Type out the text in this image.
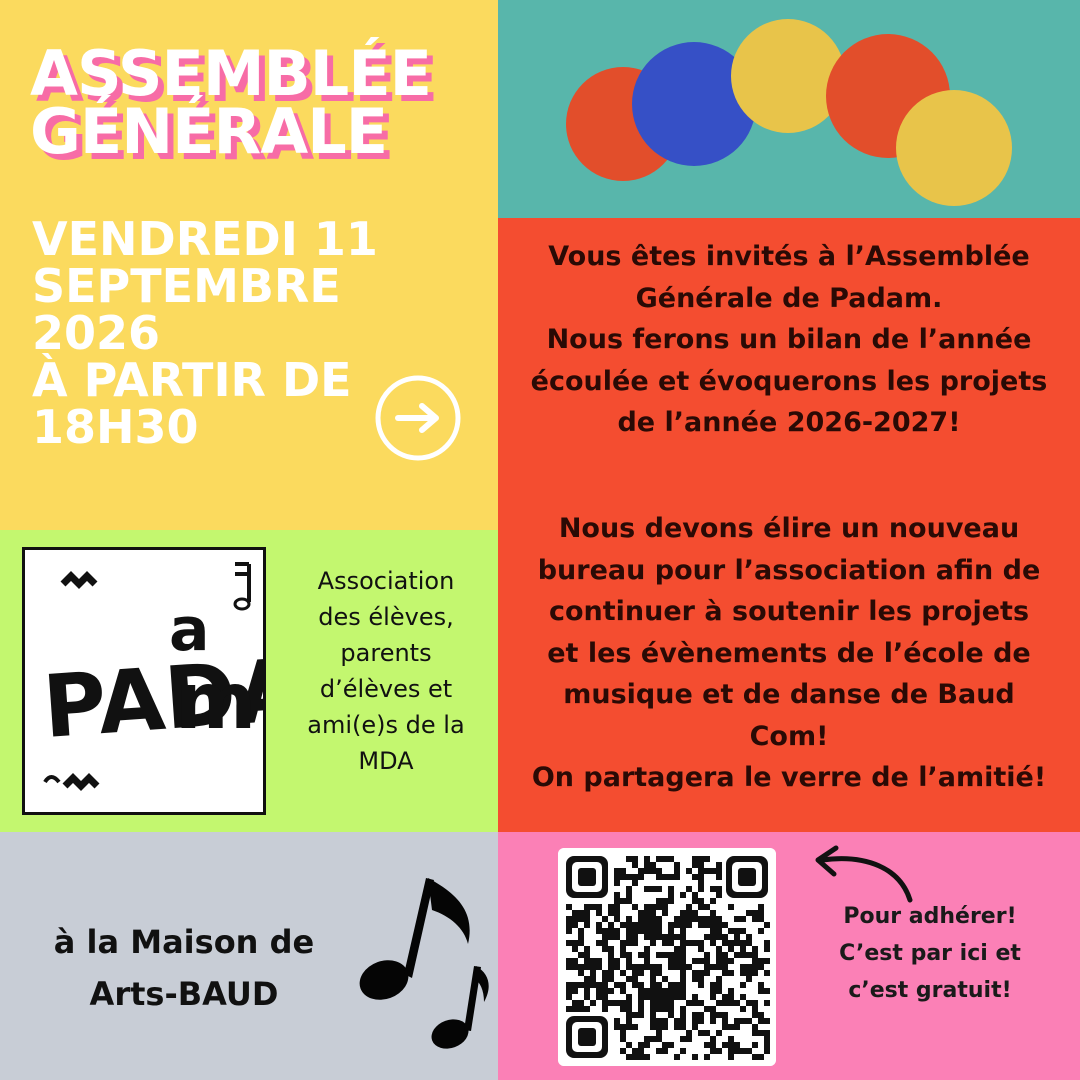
ASSEMBLÉE
GÉNÉRALE
VENDREDI 11
SEPTEMBRE
2026
À PARTIR DE
18H30
Vous êtes invités à l’Assemblée
Générale de Padam.
Nous ferons un bilan de l’année
écoulée et évoquerons les projets
de l’année 2026-2027!
Nous devons élire un nouveau
bureau pour l’association afin de
continuer à soutenir les projets
et les évènements de l’école de
musique et de danse de Baud
Com!
On partagera le verre de l’amitié!
PADAM
a
m
Association
des élèves,
parents
d’élèves et
ami(e)s de la
MDA
à la Maison de
Arts-BAUD
Pour adhérer!
C’est par ici et
c’est gratuit!
